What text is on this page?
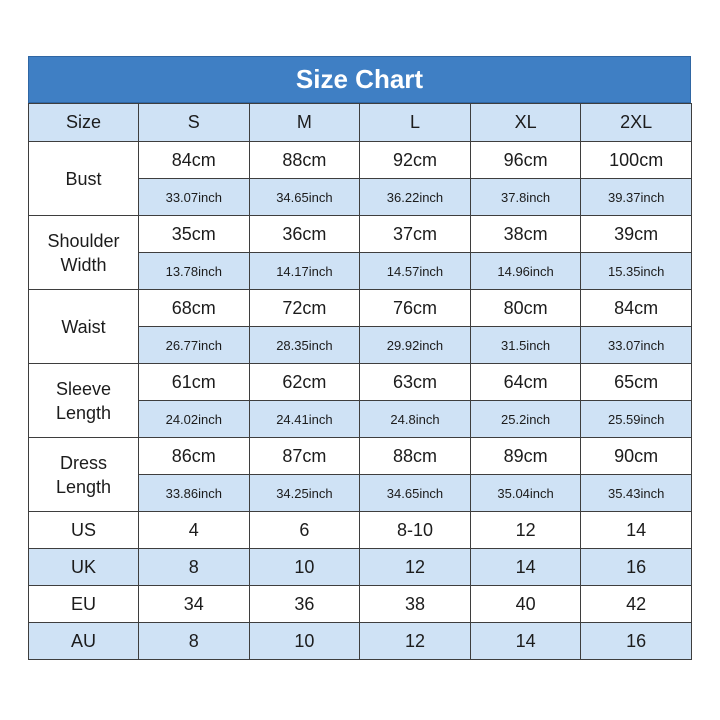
Size Chart
Size	S	M	L	XL	2XL
Bust	84cm	88cm	92cm	96cm	100cm
	33.07inch	34.65inch	36.22inch	37.8inch	39.37inch
Shoulder
Width	35cm	36cm	37cm	38cm	39cm
	13.78inch	14.17inch	14.57inch	14.96inch	15.35inch
Waist	68cm	72cm	76cm	80cm	84cm
	26.77inch	28.35inch	29.92inch	31.5inch	33.07inch
Sleeve
Length	61cm	62cm	63cm	64cm	65cm
	24.02inch	24.41inch	24.8inch	25.2inch	25.59inch
Dress
Length	86cm	87cm	88cm	89cm	90cm
	33.86inch	34.25inch	34.65inch	35.04inch	35.43inch
US	4	6	8-10	12	14
UK	8	10	12	14	16
EU	34	36	38	40	42
AU	8	10	12	14	16
